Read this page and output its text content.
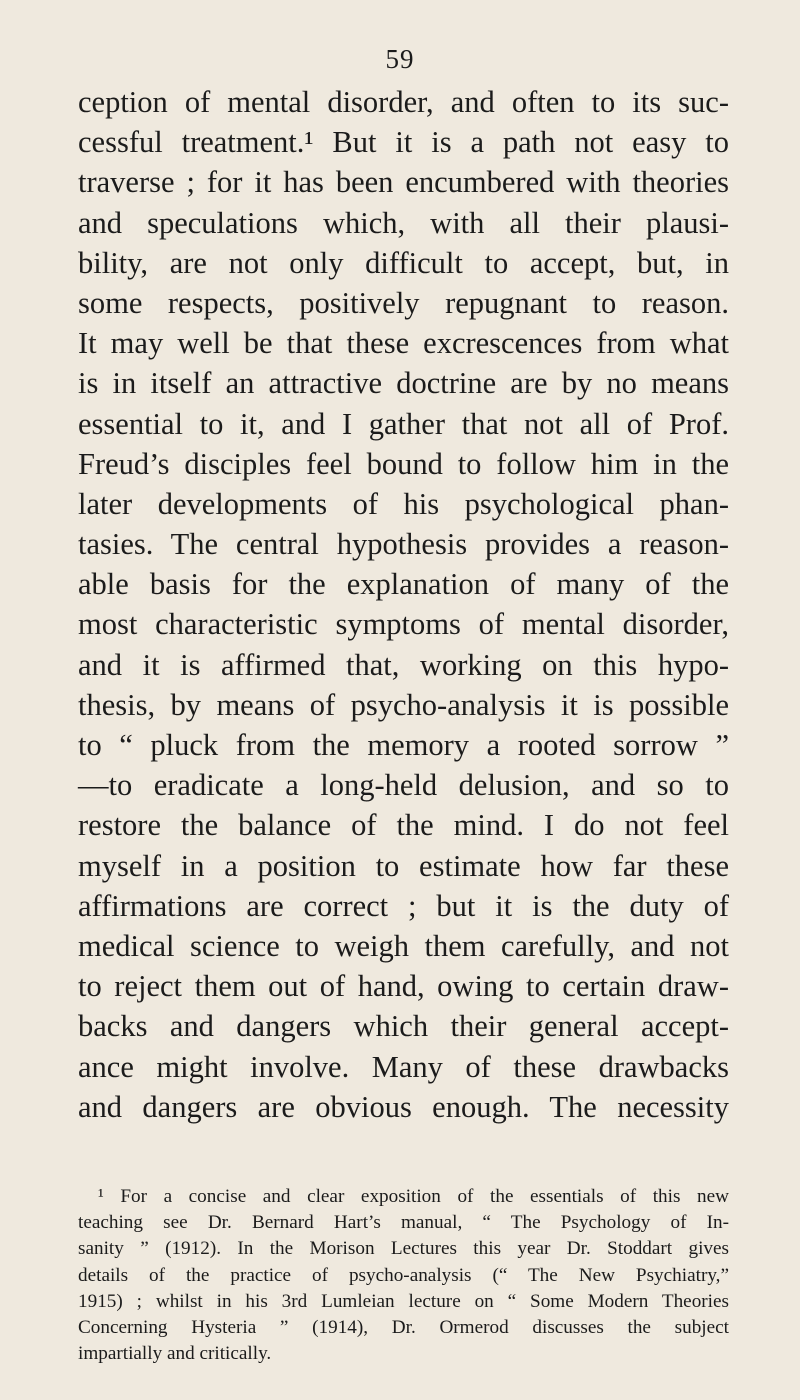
59
ception of mental disorder, and often to its suc-
cessful treatment.¹ But it is a path not easy to
traverse ; for it has been encumbered with theories
and speculations which, with all their plausi-
bility, are not only difficult to accept, but, in
some respects, positively repugnant to reason.
It may well be that these excrescences from what
is in itself an attractive doctrine are by no means
essential to it, and I gather that not all of Prof.
Freud’s disciples feel bound to follow him in the
later developments of his psychological phan-
tasies. The central hypothesis provides a reason-
able basis for the explanation of many of the
most characteristic symptoms of mental disorder,
and it is affirmed that, working on this hypo-
thesis, by means of psycho-analysis it is possible
to “ pluck from the memory a rooted sorrow ”
—to eradicate a long-held delusion, and so to
restore the balance of the mind. I do not feel
myself in a position to estimate how far these
affirmations are correct ; but it is the duty of
medical science to weigh them carefully, and not
to reject them out of hand, owing to certain draw-
backs and dangers which their general accept-
ance might involve. Many of these drawbacks
and dangers are obvious enough. The necessity
¹ For a concise and clear exposition of the essentials of this new
teaching see Dr. Bernard Hart’s manual, “ The Psychology of In-
sanity ” (1912). In the Morison Lectures this year Dr. Stoddart gives
details of the practice of psycho-analysis (“ The New Psychiatry,”
1915) ; whilst in his 3rd Lumleian lecture on “ Some Modern Theories
Concerning Hysteria ” (1914), Dr. Ormerod discusses the subject
impartially and critically.
